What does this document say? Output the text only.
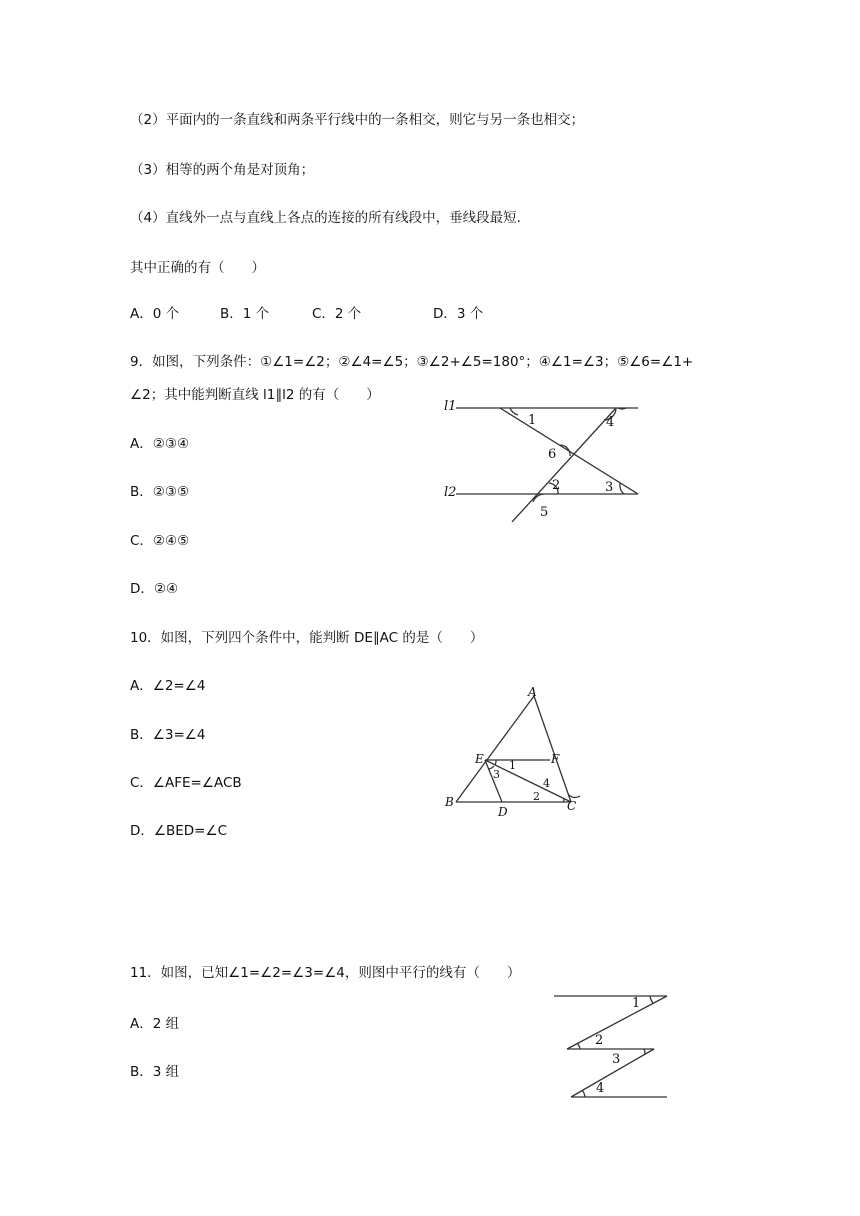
（2）平面内的一条直线和两条平行线中的一条相交，则它与另一条也相交；
（3）相等的两个角是对顶角；
（4）直线外一点与直线上各点的连接的所有线段中，垂线段最短.
其中正确的有（　　）
A．0 个	B．1 个	C．2 个	D．3 个
9．如图，下列条件：①∠1=∠2；②∠4=∠5；③∠2+∠5=180°；④∠1=∠3；⑤∠6=∠1+
∠2；其中能判断直线 l1∥l2 的有（　　）
A．②③④
B．②③⑤
C．②④⑤
D．②④
l1
l2
1	4
6
2	3
5
10．如图，下列四个条件中，能判断 DE∥AC 的是（　　）
A．∠2=∠4
B．∠3=∠4
C．∠AFE=∠ACB
D．∠BED=∠C
A
E	F
B
D	C
1
3
4
2
11．如图，已知∠1=∠2=∠3=∠4，则图中平行的线有（　　）
A．2 组
B．3 组
1
2
3
4
